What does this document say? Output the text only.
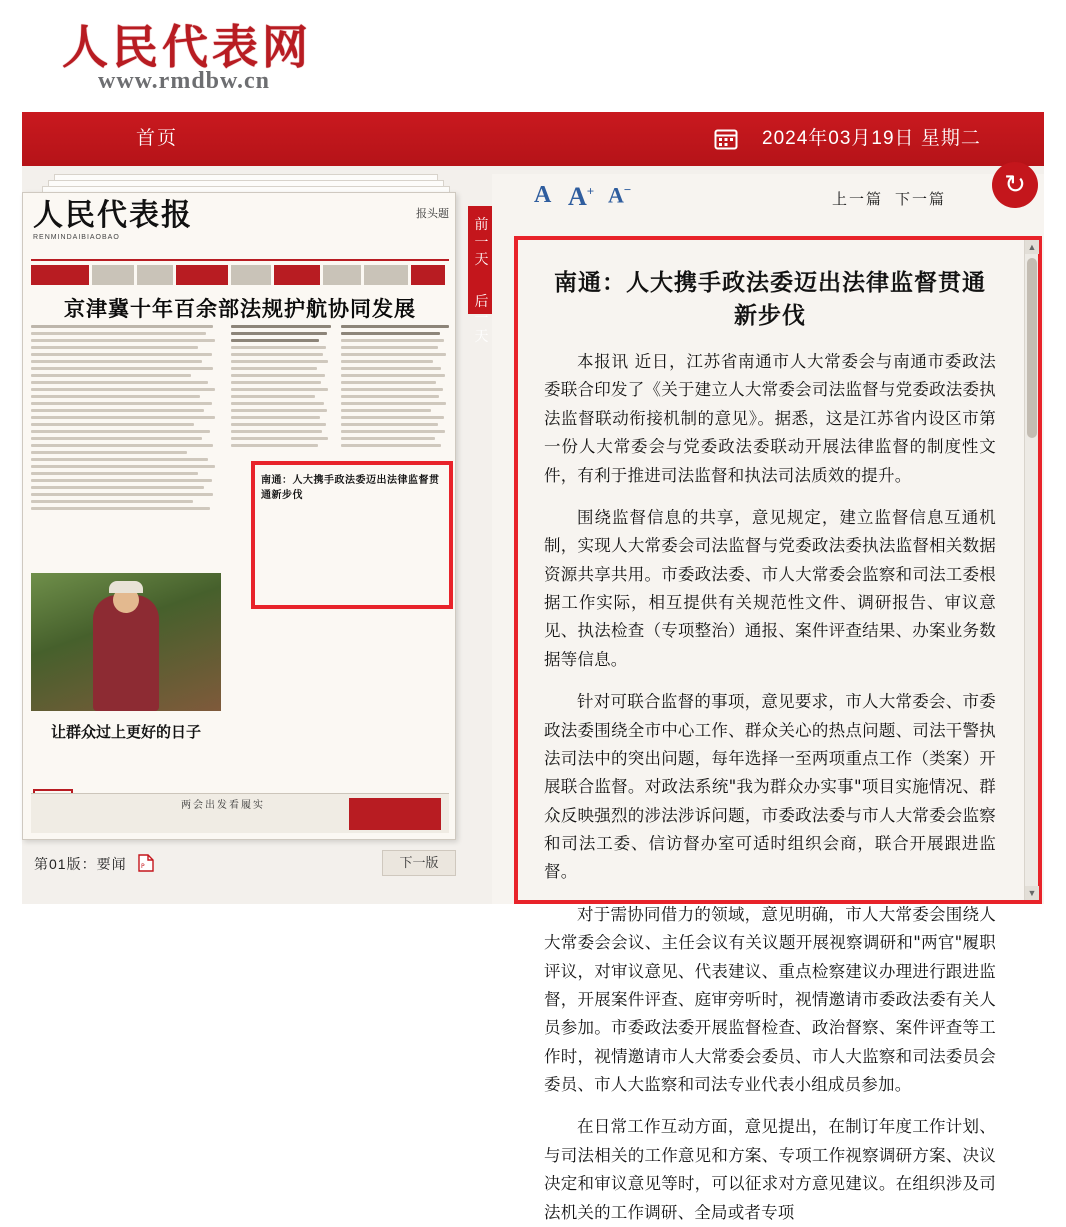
人民代表网
www.rmdbw.cn
首页	2024年03月19日 星期二
人民代表报
RENMINDAIBIAOBAO
报头题
京津冀十年百余部法规护航协同发展
让群众过上更好的日子
两会出发看履实
南通：人大携手政法委迈出法律监督贯通新步伐
前一天
后一天
第01版：要闻 P	下一版
A A+ A−
上一篇 下一篇
↻
南通：人大携手政法委迈出法律监督贯通新步伐

本报讯 近日，江苏省南通市人大常委会与南通市委政法委联合印发了《关于建立人大常委会司法监督与党委政法委执法监督联动衔接机制的意见》。据悉，这是江苏省内设区市第一份人大常委会与党委政法委联动开展法律监督的制度性文件，有利于推进司法监督和执法司法质效的提升。

围绕监督信息的共享，意见规定，建立监督信息互通机制，实现人大常委会司法监督与党委政法委执法监督相关数据资源共享共用。市委政法委、市人大常委会监察和司法工委根据工作实际，相互提供有关规范性文件、调研报告、审议意见、执法检查（专项整治）通报、案件评查结果、办案业务数据等信息。

针对可联合监督的事项，意见要求，市人大常委会、市委政法委围绕全市中心工作、群众关心的热点问题、司法干警执法司法中的突出问题，每年选择一至两项重点工作（类案）开展联合监督。对政法系统"我为群众办实事"项目实施情况、群众反映强烈的涉法涉诉问题，市委政法委与市人大常委会监察和司法工委、信访督办室可适时组织会商，联合开展跟进监督。

对于需协同借力的领域，意见明确，市人大常委会围绕人大常委会会议、主任会议有关议题开展视察调研和"两官"履职评议，对审议意见、代表建议、重点检察建议办理进行跟进监督，开展案件评查、庭审旁听时，视情邀请市委政法委有关人员参加。市委政法委开展监督检查、政治督察、案件评查等工作时，视情邀请市人大常委会委员、市人大监察和司法委员会委员、市人大监察和司法专业代表小组成员参加。

在日常工作互动方面，意见提出，在制订年度工作计划、与司法相关的工作意见和方案、专项工作视察调研方案、决议决定和审议意见等时，可以征求对方意见建议。在组织涉及司法机关的工作调研、全局或者专项

▲
▼
